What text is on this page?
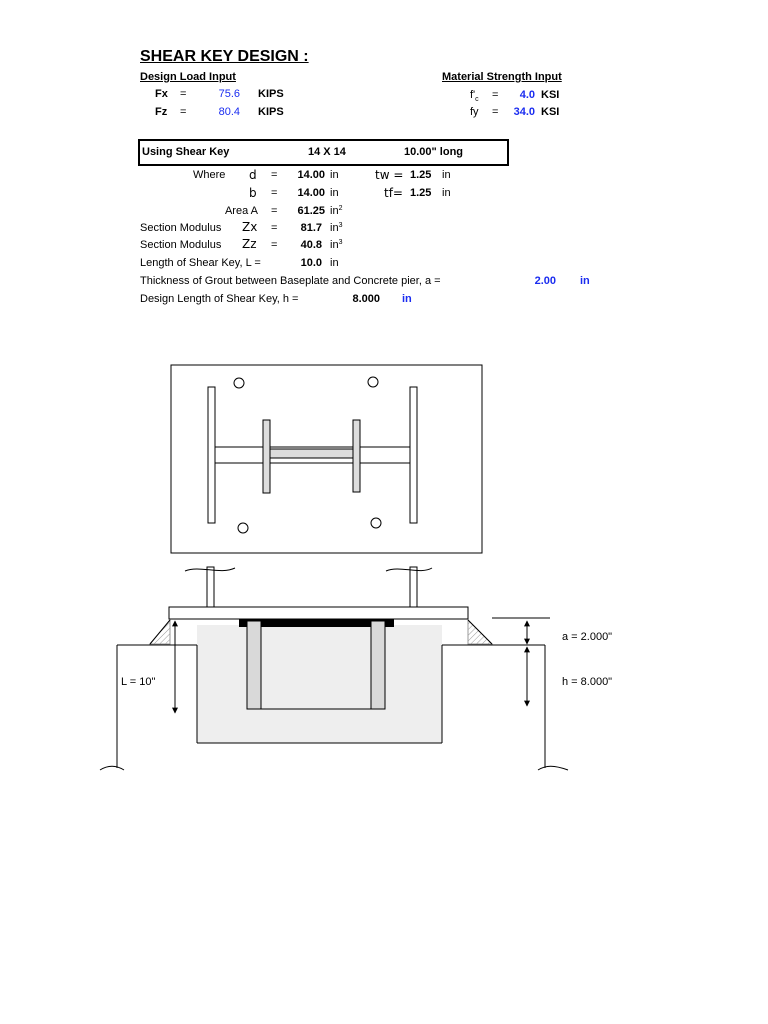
SHEAR KEY DESIGN :
Design Load Input	Material Strength Input
Fx =	75.6 KIPS
Fz =	80.4 KIPS
$f'_c$ =	4.0 KSI
fy =	34.0 KSI
Using Shear Key	14 X 14	10.00" long
Where d =	14.00 in	tw = 1.25 in
b =	14.00 in	tf= 1.25 in
Area A =	61.25 $in^2$
Section Modulus Zx =	81.7 $in^3$
Section Modulus Zz =	40.8 $in^3$
Length of Shear Key, L =	10.0 in
Thickness of Grout between Baseplate and Concrete pier, a =	2.00 in
Design Length of Shear Key, h =	8.000 in
a = 2.000"
h = 8.000"
L = 10"
